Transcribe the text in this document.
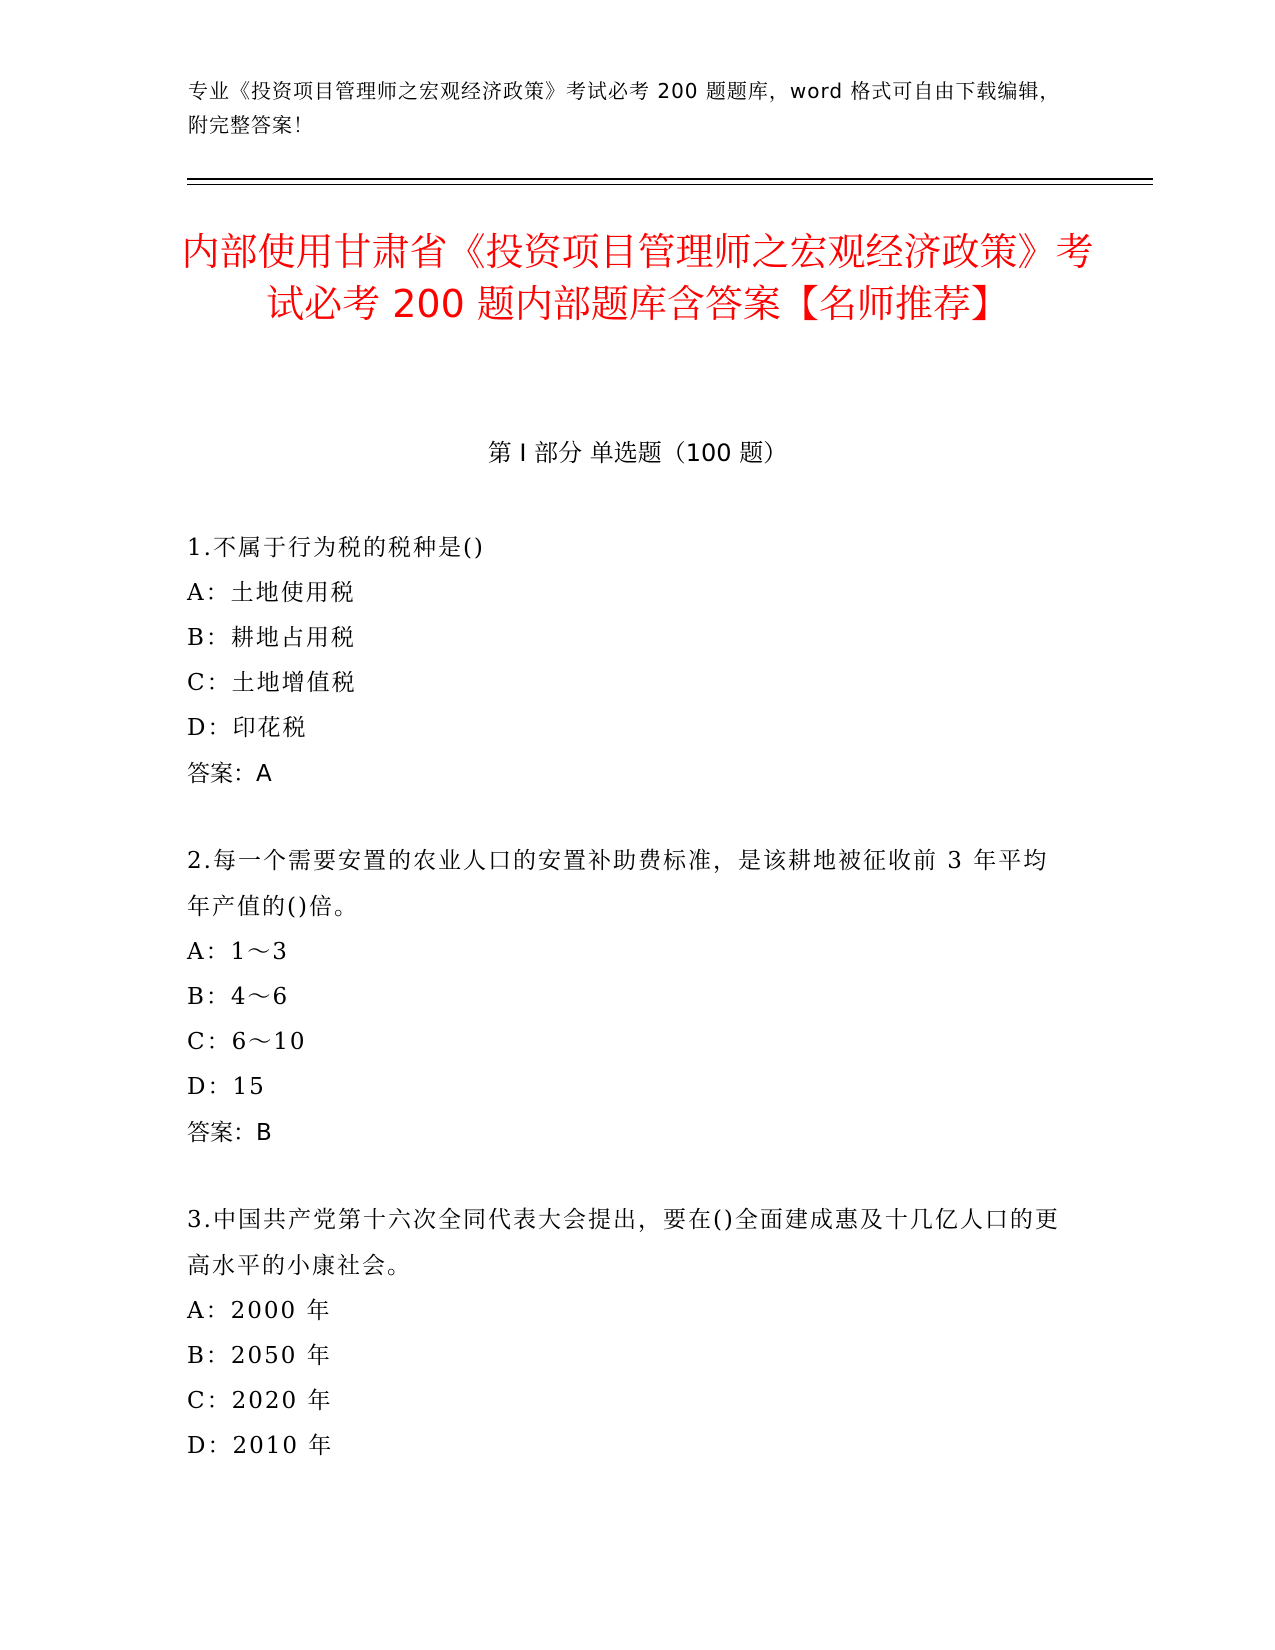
专业《投资项目管理师之宏观经济政策》考试必考 200 题题库，word 格式可自由下载编辑，附完整答案！
内部使用甘肃省《投资项目管理师之宏观经济政策》考试必考 200 题内部题库含答案【名师推荐】
第 I 部分 单选题（100 题）
1.不属于行为税的税种是()
A：土地使用税
B：耕地占用税
C：土地增值税
D：印花税
答案：A
2.每一个需要安置的农业人口的安置补助费标准，是该耕地被征收前 3 年平均年产值的()倍。
A：1～3
B：4～6
C：6～10
D：15
答案：B
3.中国共产党第十六次全同代表大会提出，要在()全面建成惠及十几亿人口的更高水平的小康社会。
A：2000 年
B：2050 年
C：2020 年
D：2010 年
